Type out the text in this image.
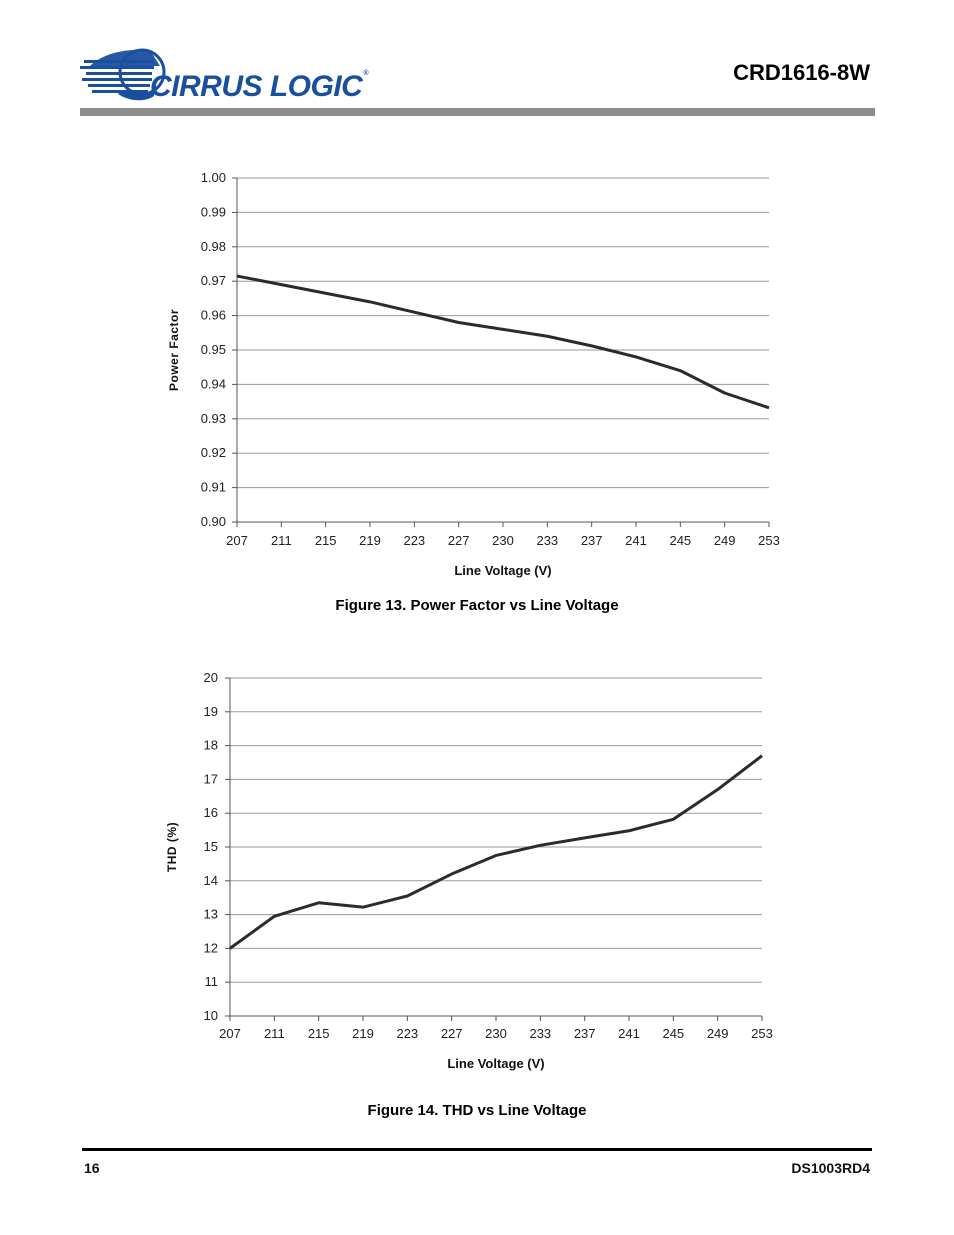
CIRRUS LOGIC®	CRD1616-8W
0.90
0.91
0.92
0.93
0.94
0.95
0.96
0.97
0.98
0.99
1.00
207 211 215 219 223 227 230 233 237 241 245 249 253
Line Voltage (V)
Power Factor
10
11
12
13
14
15
16
17
18
19
20
207 211 215 219 223 227 230 233 237 241 245 249 253
Line Voltage (V)
THD (%)
Figure 13. Power Factor vs Line Voltage
Figure 14. THD vs Line Voltage
16	DS1003RD4
